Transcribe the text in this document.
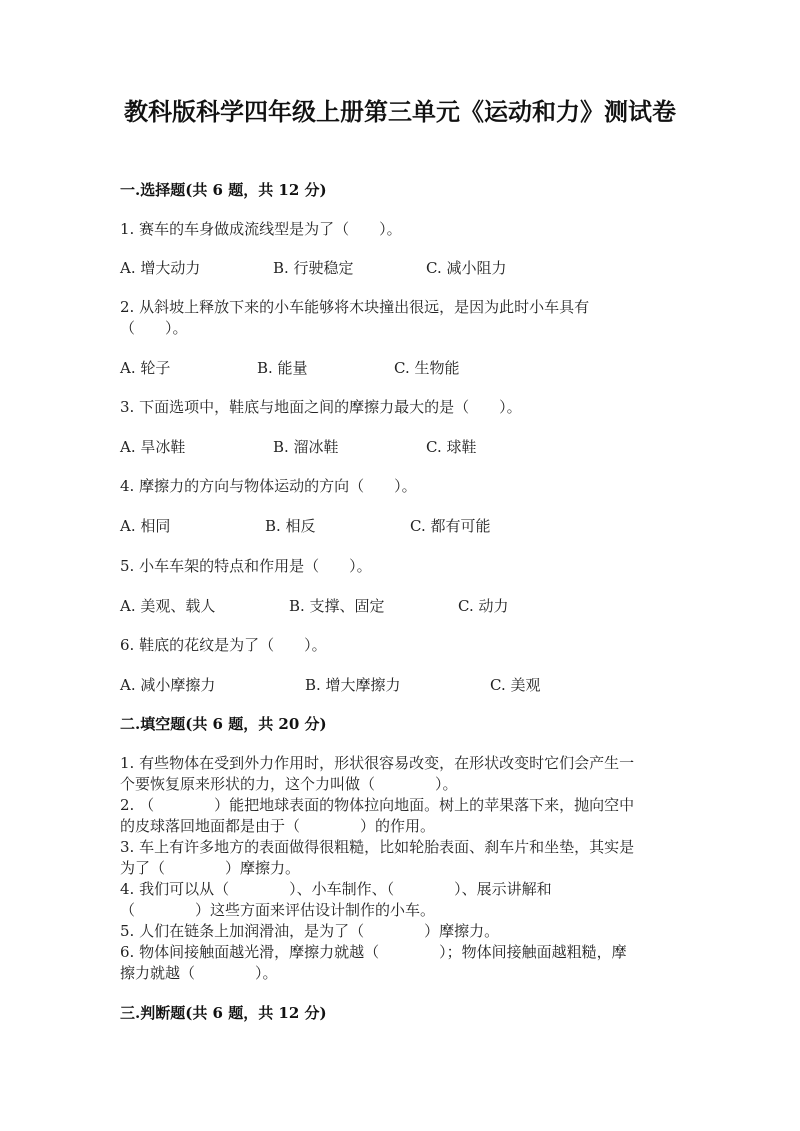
教科版科学四年级上册第三单元《运动和力》测试卷
一.选择题(共 6 题，共 12 分)
1. 赛车的车身做成流线型是为了（　　）。
A. 增大动力	B. 行驶稳定	C. 减小阻力
2. 从斜坡上释放下来的小车能够将木块撞出很远，是因为此时小车具有
（　　）。
A. 轮子	B. 能量	C. 生物能
3. 下面选项中，鞋底与地面之间的摩擦力最大的是（　　）。
A. 旱冰鞋	B. 溜冰鞋	C. 球鞋
4. 摩擦力的方向与物体运动的方向（　　）。
A. 相同	B. 相反	C. 都有可能
5. 小车车架的特点和作用是（　　）。
A. 美观、载人	B. 支撑、固定	C. 动力
6. 鞋底的花纹是为了（　　）。
A. 减小摩擦力	B. 增大摩擦力	C. 美观
二.填空题(共 6 题，共 20 分)
1. 有些物体在受到外力作用时，形状很容易改变，在形状改变时它们会产生一
个要恢复原来形状的力，这个力叫做（　　　　）。
2. （　　　　）能把地球表面的物体拉向地面。树上的苹果落下来，抛向空中
的皮球落回地面都是由于（　　　　）的作用。
3. 车上有许多地方的表面做得很粗糙，比如轮胎表面、刹车片和坐垫，其实是
为了（　　　　）摩擦力。
4. 我们可以从（　　　　）、小车制作、（　　　　）、展示讲解和
（　　　　）这些方面来评估设计制作的小车。
5. 人们在链条上加润滑油，是为了（　　　　）摩擦力。
6. 物体间接触面越光滑，摩擦力就越（　　　　）；物体间接触面越粗糙，摩
擦力就越（　　　　）。
三.判断题(共 6 题，共 12 分)
